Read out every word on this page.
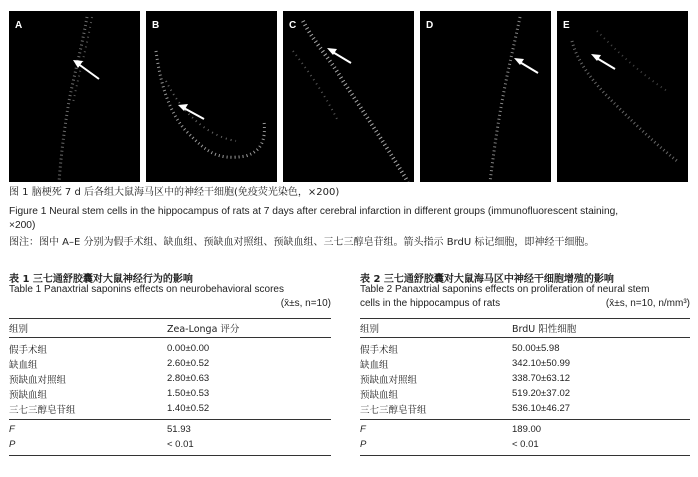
A	B	C	D	E
图 1 脑梗死 7 d 后各组大鼠海马区中的神经干细胞(免疫荧光染色，×200)
Figure 1 Neural stem cells in the hippocampus of rats at 7 days after cerebral infarction in different groups (immunofluorescent staining,
×200)
图注：图中 A–E 分别为假手术组、缺血组、预缺血对照组、预缺血组、三七三醇皂苷组。箭头指示 BrdU 标记细胞，即神经干细胞。
表 1 三七通舒胶囊对大鼠神经行为的影响
Table 1 Panaxtrial saponins effects on neurobehavioral scores
(x̄±s, n=10)
组别	Zea-Longa 评分
假手术组	0.00±0.00
缺血组	2.60±0.52
预缺血对照组	2.80±0.63
预缺血组	1.50±0.53
三七三醇皂苷组	1.40±0.52
F	51.93
P	< 0.01
表 2 三七通舒胶囊对大鼠海马区中神经干细胞增殖的影响
Table 2 Panaxtrial saponins effects on proliferation of neural stem
cells in the hippocampus of rats	(x̄±s, n=10, n/mm³)
组别	BrdU 阳性细胞
假手术组	50.00±5.98
缺血组	342.10±50.99
预缺血对照组	338.70±63.12
预缺血组	519.20±37.02
三七三醇皂苷组	536.10±46.27
F	189.00
P	< 0.01
